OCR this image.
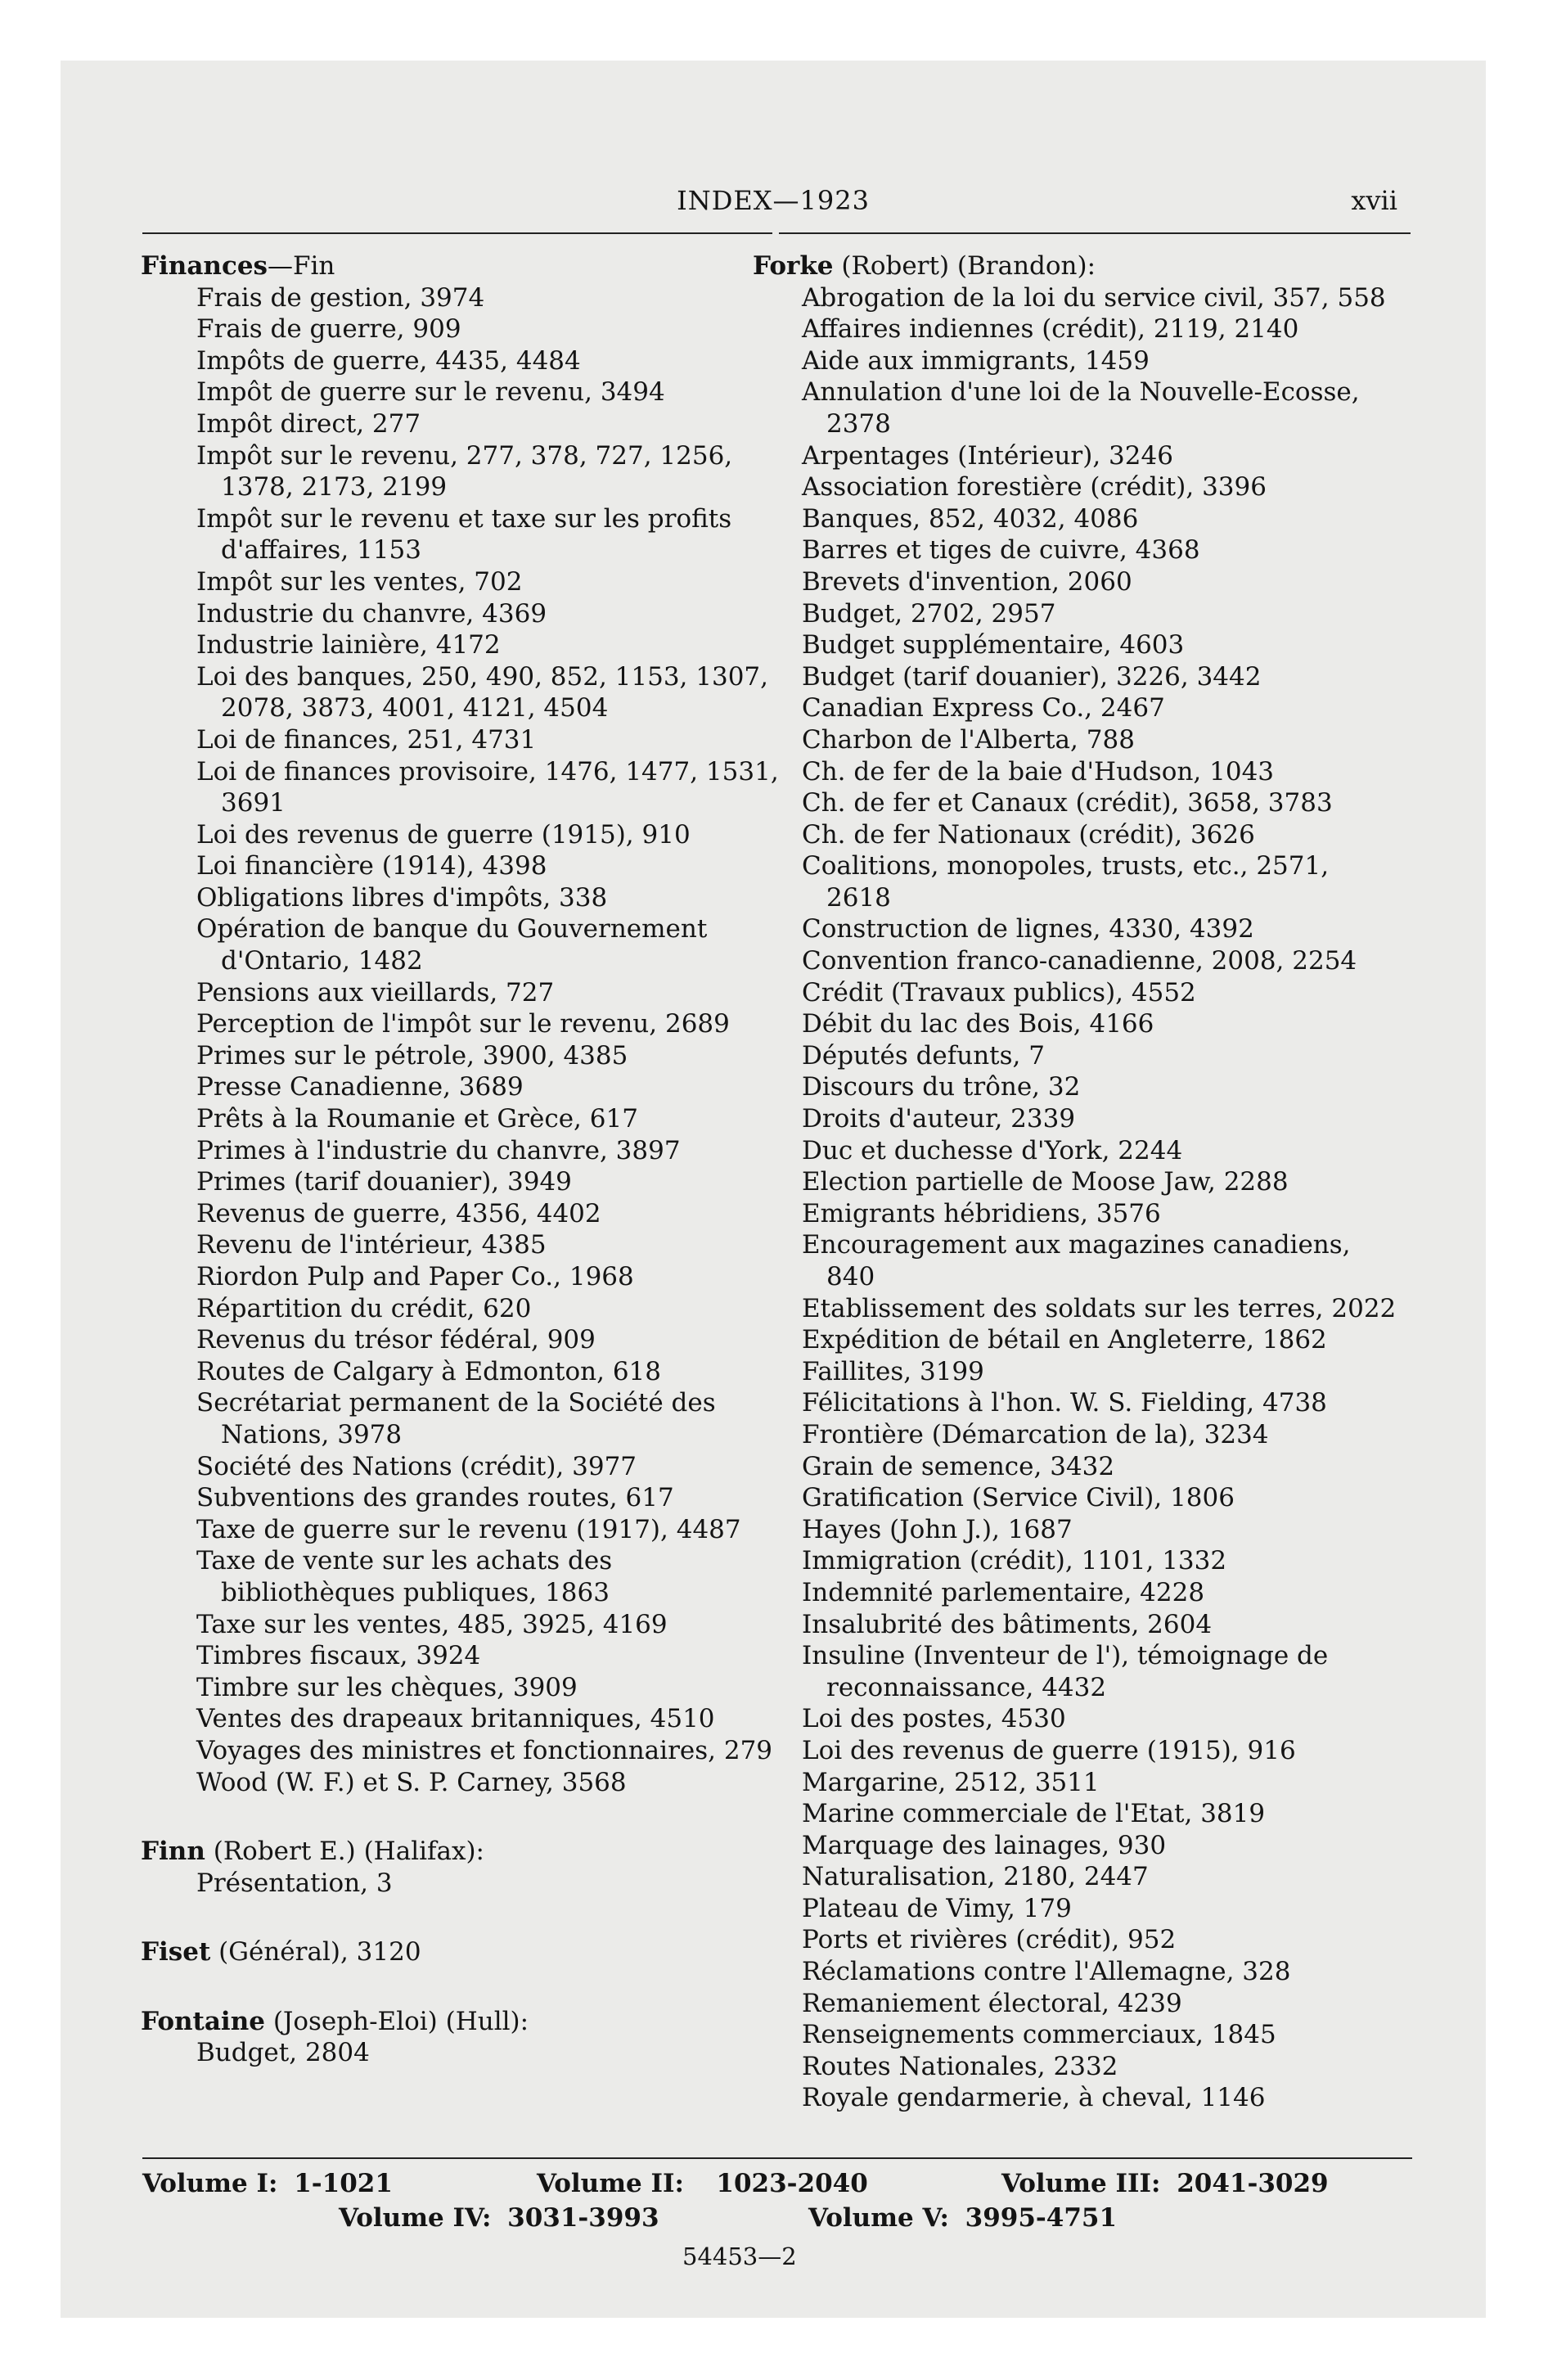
INDEX—1923	xvii
Finances—Fin
Frais de gestion, 3974
Frais de guerre, 909
Impôts de guerre, 4435, 4484
Impôt de guerre sur le revenu, 3494
Impôt direct, 277
Impôt sur le revenu, 277, 378, 727, 1256, 1378, 2173, 2199
Impôt sur le revenu et taxe sur les profits d'affaires, 1153
Impôt sur les ventes, 702
Industrie du chanvre, 4369
Industrie lainière, 4172
Loi des banques, 250, 490, 852, 1153, 1307, 2078, 3873, 4001, 4121, 4504
Loi de finances, 251, 4731
Loi de finances provisoire, 1476, 1477, 1531, 3691
Loi des revenus de guerre (1915), 910
Loi financière (1914), 4398
Obligations libres d'impôts, 338
Opération de banque du Gouvernement d'Ontario, 1482
Pensions aux vieillards, 727
Perception de l'impôt sur le revenu, 2689
Primes sur le pétrole, 3900, 4385
Presse Canadienne, 3689
Prêts à la Roumanie et Grèce, 617
Primes à l'industrie du chanvre, 3897
Primes (tarif douanier), 3949
Revenus de guerre, 4356, 4402
Revenu de l'intérieur, 4385
Riordon Pulp and Paper Co., 1968
Répartition du crédit, 620
Revenus du trésor fédéral, 909
Routes de Calgary à Edmonton, 618
Secrétariat permanent de la Société des Nations, 3978
Société des Nations (crédit), 3977
Subventions des grandes routes, 617
Taxe de guerre sur le revenu (1917), 4487
Taxe de vente sur les achats des bibliothèques publiques, 1863
Taxe sur les ventes, 485, 3925, 4169
Timbres fiscaux, 3924
Timbre sur les chèques, 3909
Ventes des drapeaux britanniques, 4510
Voyages des ministres et fonctionnaires, 279
Wood (W. F.) et S. P. Carney, 3568
Finn (Robert E.) (Halifax):
Présentation, 3
Fiset (Général), 3120
Fontaine (Joseph-Eloi) (Hull):
Budget, 2804
Forke (Robert) (Brandon):
Abrogation de la loi du service civil, 357, 558
Affaires indiennes (crédit), 2119, 2140
Aide aux immigrants, 1459
Annulation d'une loi de la Nouvelle-Ecosse, 2378
Arpentages (Intérieur), 3246
Association forestière (crédit), 3396
Banques, 852, 4032, 4086
Barres et tiges de cuivre, 4368
Brevets d'invention, 2060
Budget, 2702, 2957
Budget supplémentaire, 4603
Budget (tarif douanier), 3226, 3442
Canadian Express Co., 2467
Charbon de l'Alberta, 788
Ch. de fer de la baie d'Hudson, 1043
Ch. de fer et Canaux (crédit), 3658, 3783
Ch. de fer Nationaux (crédit), 3626
Coalitions, monopoles, trusts, etc., 2571, 2618
Construction de lignes, 4330, 4392
Convention franco-canadienne, 2008, 2254
Crédit (Travaux publics), 4552
Débit du lac des Bois, 4166
Députés defunts, 7
Discours du trône, 32
Droits d'auteur, 2339
Duc et duchesse d'York, 2244
Election partielle de Moose Jaw, 2288
Emigrants hébridiens, 3576
Encouragement aux magazines canadiens, 840
Etablissement des soldats sur les terres, 2022
Expédition de bétail en Angleterre, 1862
Faillites, 3199
Félicitations à l'hon. W. S. Fielding, 4738
Frontière (Démarcation de la), 3234
Grain de semence, 3432
Gratification (Service Civil), 1806
Hayes (John J.), 1687
Immigration (crédit), 1101, 1332
Indemnité parlementaire, 4228
Insalubrité des bâtiments, 2604
Insuline (Inventeur de l'), témoignage de reconnaissance, 4432
Loi des postes, 4530
Loi des revenus de guerre (1915), 916
Margarine, 2512, 3511
Marine commerciale de l'Etat, 3819
Marquage des lainages, 930
Naturalisation, 2180, 2447
Plateau de Vimy, 179
Ports et rivières (crédit), 952
Réclamations contre l'Allemagne, 328
Remaniement électoral, 4239
Renseignements commerciaux, 1845
Routes Nationales, 2332
Royale gendarmerie, à cheval, 1146
Volume I: 1-1021	Volume II: 1023-2040	Volume III: 2041-3029
Volume IV: 3031-3993	Volume V: 3995-4751
54453—2
